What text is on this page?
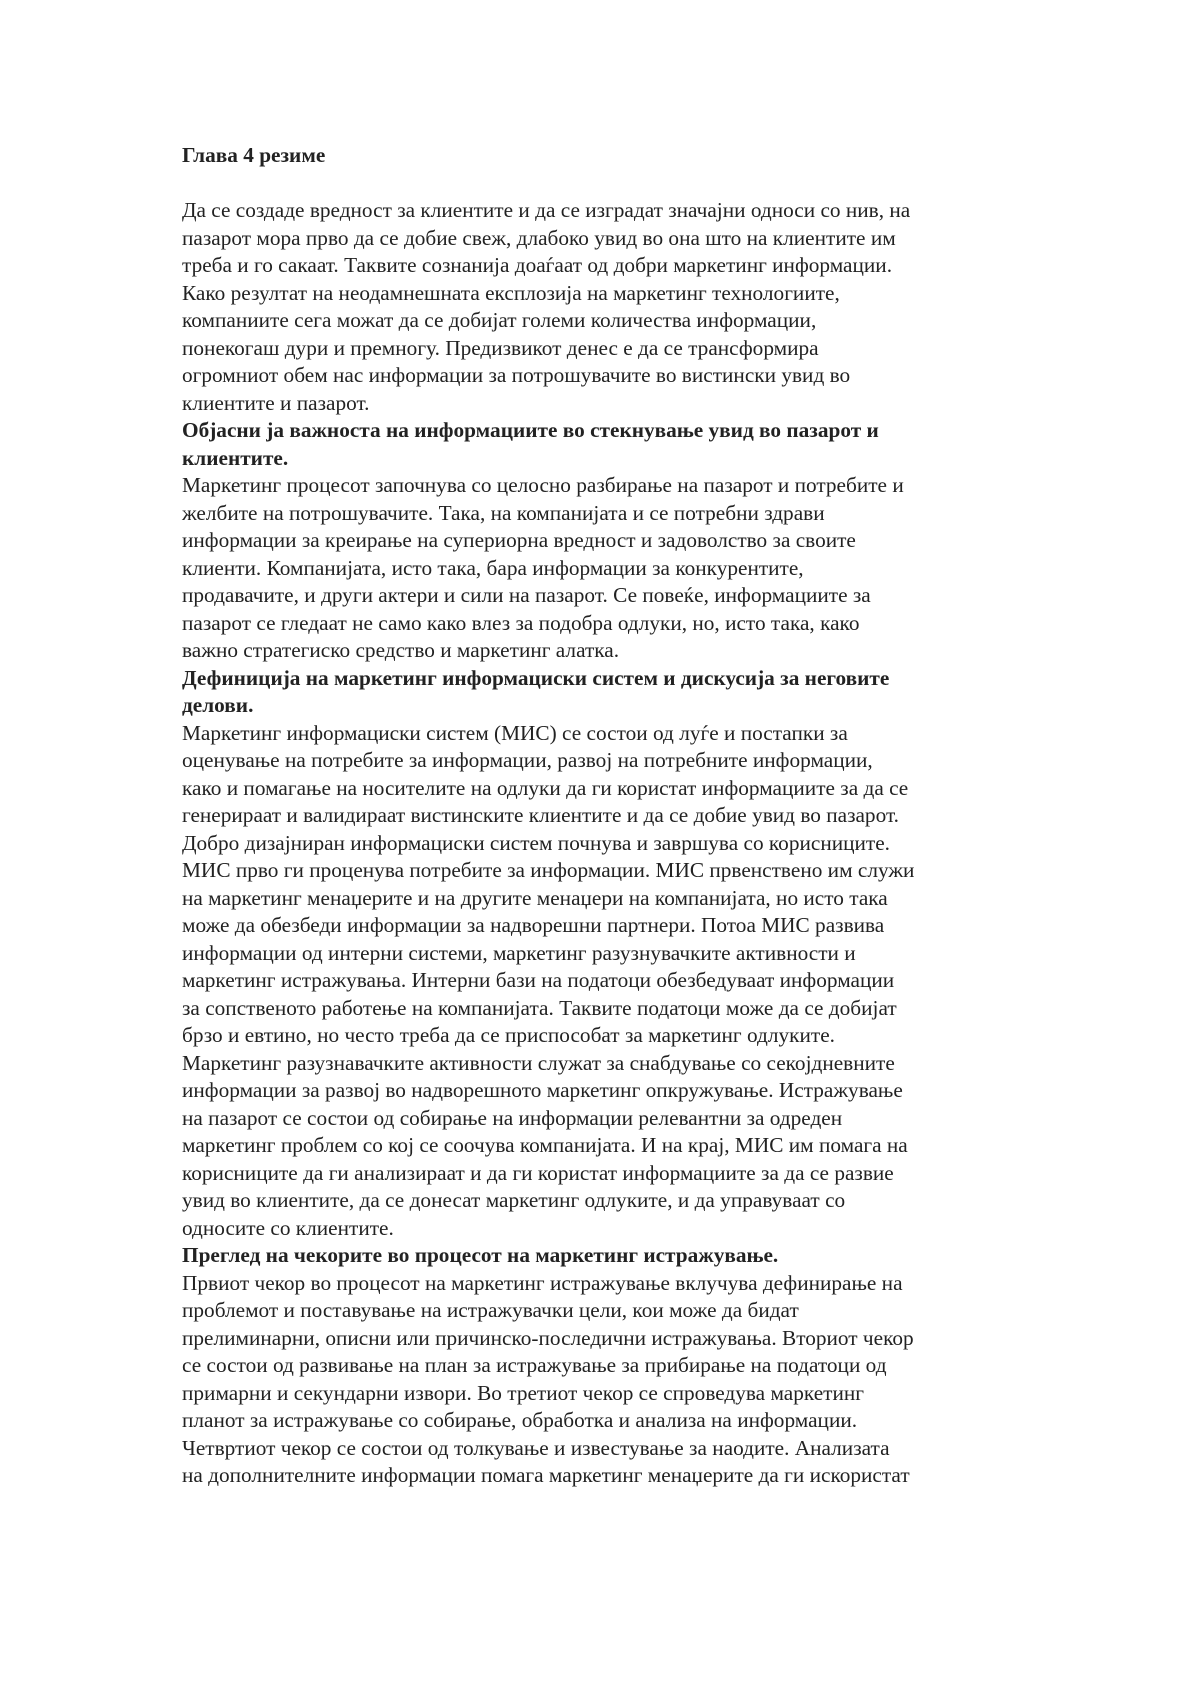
Глава 4 резиме
Да се создаде вредност за клиентите и да се изградат значајни односи со нив, на
пазарот мора прво да се добие свеж, длабоко увид во она што на клиентите им
треба и го сакаат. Таквите сознанија доаѓаат од добри маркетинг информации.
Како резултат на неодамнешната експлозија на маркетинг технологиите,
компаниите сега можат да се добијат големи количества информации,
понекогаш дури и премногу. Предизвикот денес е да се трансформира
огромниот обем нас информации за потрошувачите во вистински увид во
клиентите и пазарот.
Објасни ја важноста на информациите во стекнување увид во пазарот и
клиентите.
Маркетинг процесот започнува со целосно разбирање на пазарот и потребите и
желбите на потрошувачите. Така, на компанијата и се потребни здрави
информации за креирање на супериорна вредност и задоволство за своите
клиенти. Компанијата, исто така, бара информации за конкурентите,
продавачите, и други актери и сили на пазарот. Се повеќе, информациите за
пазарот се гледаат не само како влез за подобра одлуки, но, исто така, како
важно стратегиско средство и маркетинг алатка.
Дефиниција на маркетинг информациски систем и дискусија за неговите
делови.
Маркетинг информациски систем (МИС) се состои од луѓе и постапки за
оценување на потребите за информации, развој на потребните информации,
како и помагање на носителите на одлуки да ги користат информациите за да се
генерираат и валидираат вистинските клиентите и да се добие увид во пазарот.
Добро дизајниран информациски систем почнува и завршува со корисниците.
МИС прво ги проценува потребите за информации. МИС првенствено им служи
на маркетинг менаџерите и на другите менаџери на компанијата, но исто така
може да обезбеди информации за надворешни партнери. Потоа МИС развива
информации од интерни системи, маркетинг разузнувачките активности и
маркетинг истражувања. Интерни бази на податоци обезбедуваат информации
за сопственото работење на компанијата. Таквите податоци може да се добијат
брзо и евтино, но често треба да се приспособат за маркетинг одлуките.
Маркетинг разузнавачките активности служат за снабдување со секојдневните
информации за развој во надворешното маркетинг опкружување. Истражување
на пазарот се состои од собирање на информации релевантни за одреден
маркетинг проблем со кој се соочува компанијата. И на крај, МИС им помага на
корисниците да ги анализираат и да ги користат информациите за да се развие
увид во клиентите, да се донесат маркетинг одлуките, и да управуваат со
односите со клиентите.
Преглед на чекорите во процесот на маркетинг истражување.
Првиот чекор во процесот на маркетинг истражување вклучува дефинирање на
проблемот и поставување на истражувачки цели, кои може да бидат
прелиминарни, описни или причинско-последични истражувања. Вториот чекор
се состои од развивање на план за истражување за прибирање на податоци од
примарни и секундарни извори. Во третиот чекор се спроведува маркетинг
планот за истражување со собирање, обработка и анализа на информации.
Четвртиот чекор се состои од толкување и известување за наодите. Анализата
на дополнителните информации помага маркетинг менаџерите да ги искористат
